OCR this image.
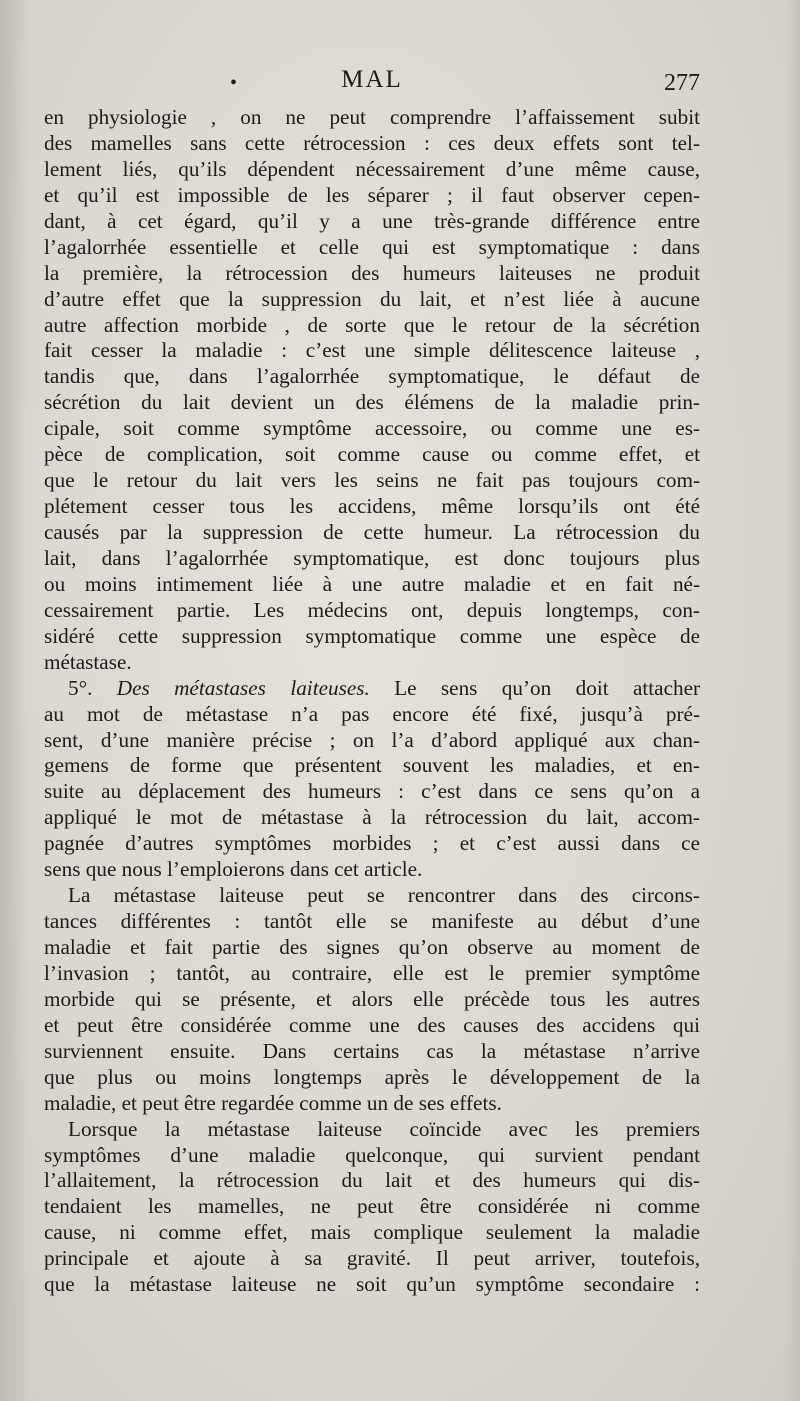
•	MAL	277
en physiologie , on ne peut comprendre l’affaissement subit
des mamelles sans cette rétrocession : ces deux effets sont tel-
lement liés, qu’ils dépendent nécessairement d’une même cause,
et qu’il est impossible de les séparer ; il faut observer cepen-
dant, à cet égard, qu’il y a une très-grande différence entre
l’agalorrhée essentielle et celle qui est symptomatique : dans
la première, la rétrocession des humeurs laiteuses ne produit
d’autre effet que la suppression du lait, et n’est liée à aucune
autre affection morbide , de sorte que le retour de la sécrétion
fait cesser la maladie : c’est une simple délitescence laiteuse ,
tandis que, dans l’agalorrhée symptomatique, le défaut de
sécrétion du lait devient un des élémens de la maladie prin-
cipale, soit comme symptôme accessoire, ou comme une es-
pèce de complication, soit comme cause ou comme effet, et
que le retour du lait vers les seins ne fait pas toujours com-
plétement cesser tous les accidens, même lorsqu’ils ont été
causés par la suppression de cette humeur. La rétrocession du
lait, dans l’agalorrhée symptomatique, est donc toujours plus
ou moins intimement liée à une autre maladie et en fait né-
cessairement partie. Les médecins ont, depuis longtemps, con-
sidéré cette suppression symptomatique comme une espèce de
métastase.
5°. Des métastases laiteuses. Le sens qu’on doit attacher
au mot de métastase n’a pas encore été fixé, jusqu’à pré-
sent, d’une manière précise ; on l’a d’abord appliqué aux chan-
gemens de forme que présentent souvent les maladies, et en-
suite au déplacement des humeurs : c’est dans ce sens qu’on a
appliqué le mot de métastase à la rétrocession du lait, accom-
pagnée d’autres symptômes morbides ; et c’est aussi dans ce
sens que nous l’emploierons dans cet article.
La métastase laiteuse peut se rencontrer dans des circons-
tances différentes : tantôt elle se manifeste au début d’une
maladie et fait partie des signes qu’on observe au moment de
l’invasion ; tantôt, au contraire, elle est le premier symptôme
morbide qui se présente, et alors elle précède tous les autres
et peut être considérée comme une des causes des accidens qui
surviennent ensuite. Dans certains cas la métastase n’arrive
que plus ou moins longtemps après le développement de la
maladie, et peut être regardée comme un de ses effets.
Lorsque la métastase laiteuse coïncide avec les premiers
symptômes d’une maladie quelconque, qui survient pendant
l’allaitement, la rétrocession du lait et des humeurs qui dis-
tendaient les mamelles, ne peut être considérée ni comme
cause, ni comme effet, mais complique seulement la maladie
principale et ajoute à sa gravité. Il peut arriver, toutefois,
que la métastase laiteuse ne soit qu’un symptôme secondaire :
